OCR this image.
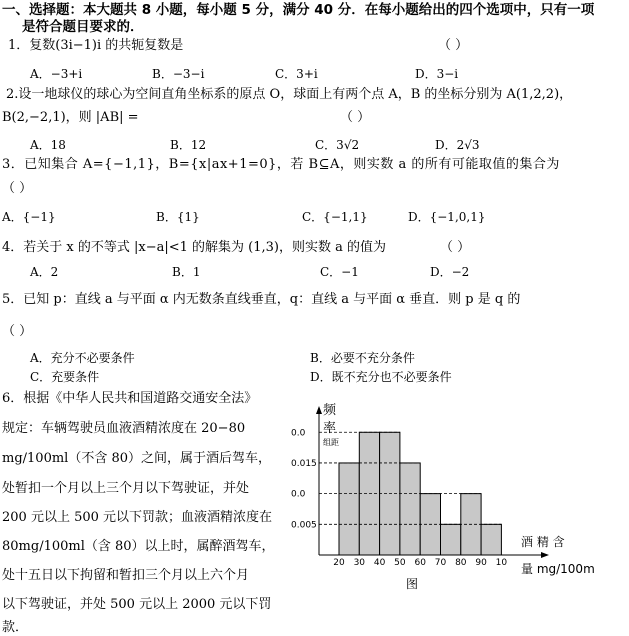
一、选择题：本大题共 8 小题，每小题 5 分，满分 40 分．在每小题给出的四个选项中，只有一项
是符合题目要求的．
1．复数(3i−1)i 的共轭复数是	（ ）
A．−3+i	B．−3−i	C．3+i	D．3−i
2.设一地球仪的球心为空间直角坐标系的原点 O，球面上有两个点 A，B 的坐标分别为 A(1,2,2)，
B(2,−2,1)，则 |AB| =	（ ）
A．18	B．12	C．3√2	D．2√3
3．已知集合 A={−1,1}，B={x|ax+1=0}，若 B⊆A，则实数 a 的所有可能取值的集合为
（ ）
A．{−1}	B．{1}	C．{−1,1}	D．{−1,0,1}
4．若关于 x 的不等式 |x−a|<1 的解集为 (1,3)，则实数 a 的值为	（ ）
A．2	B．1	C．−1	D．−2
5．已知 p：直线 a 与平面 α 内无数条直线垂直，q：直线 a 与平面 α 垂直．则 p 是 q 的
（ ）
A．充分不必要条件	B．必要不充分条件
C．充要条件	D．既不充分也不必要条件
6．根据《中华人民共和国道路交通安全法》
规定：车辆驾驶员血液酒精浓度在 20−80
mg/100ml（不含 80）之间，属于酒后驾车，
处暂扣一个月以上三个月以下驾驶证，并处
200 元以上 500 元以下罚款；血液酒精浓度在
80mg/100ml（含 80）以上时，属醉酒驾车，
处十五日以下拘留和暂扣三个月以上六个月
以下驾驶证，并处 500 元以上 2000 元以下罚
款．
0.0
0.015
0.0
0.005
20 30 40 50 60 70 80 90 10
频
率
组距
酒 精 含
量 mg/100m
图
